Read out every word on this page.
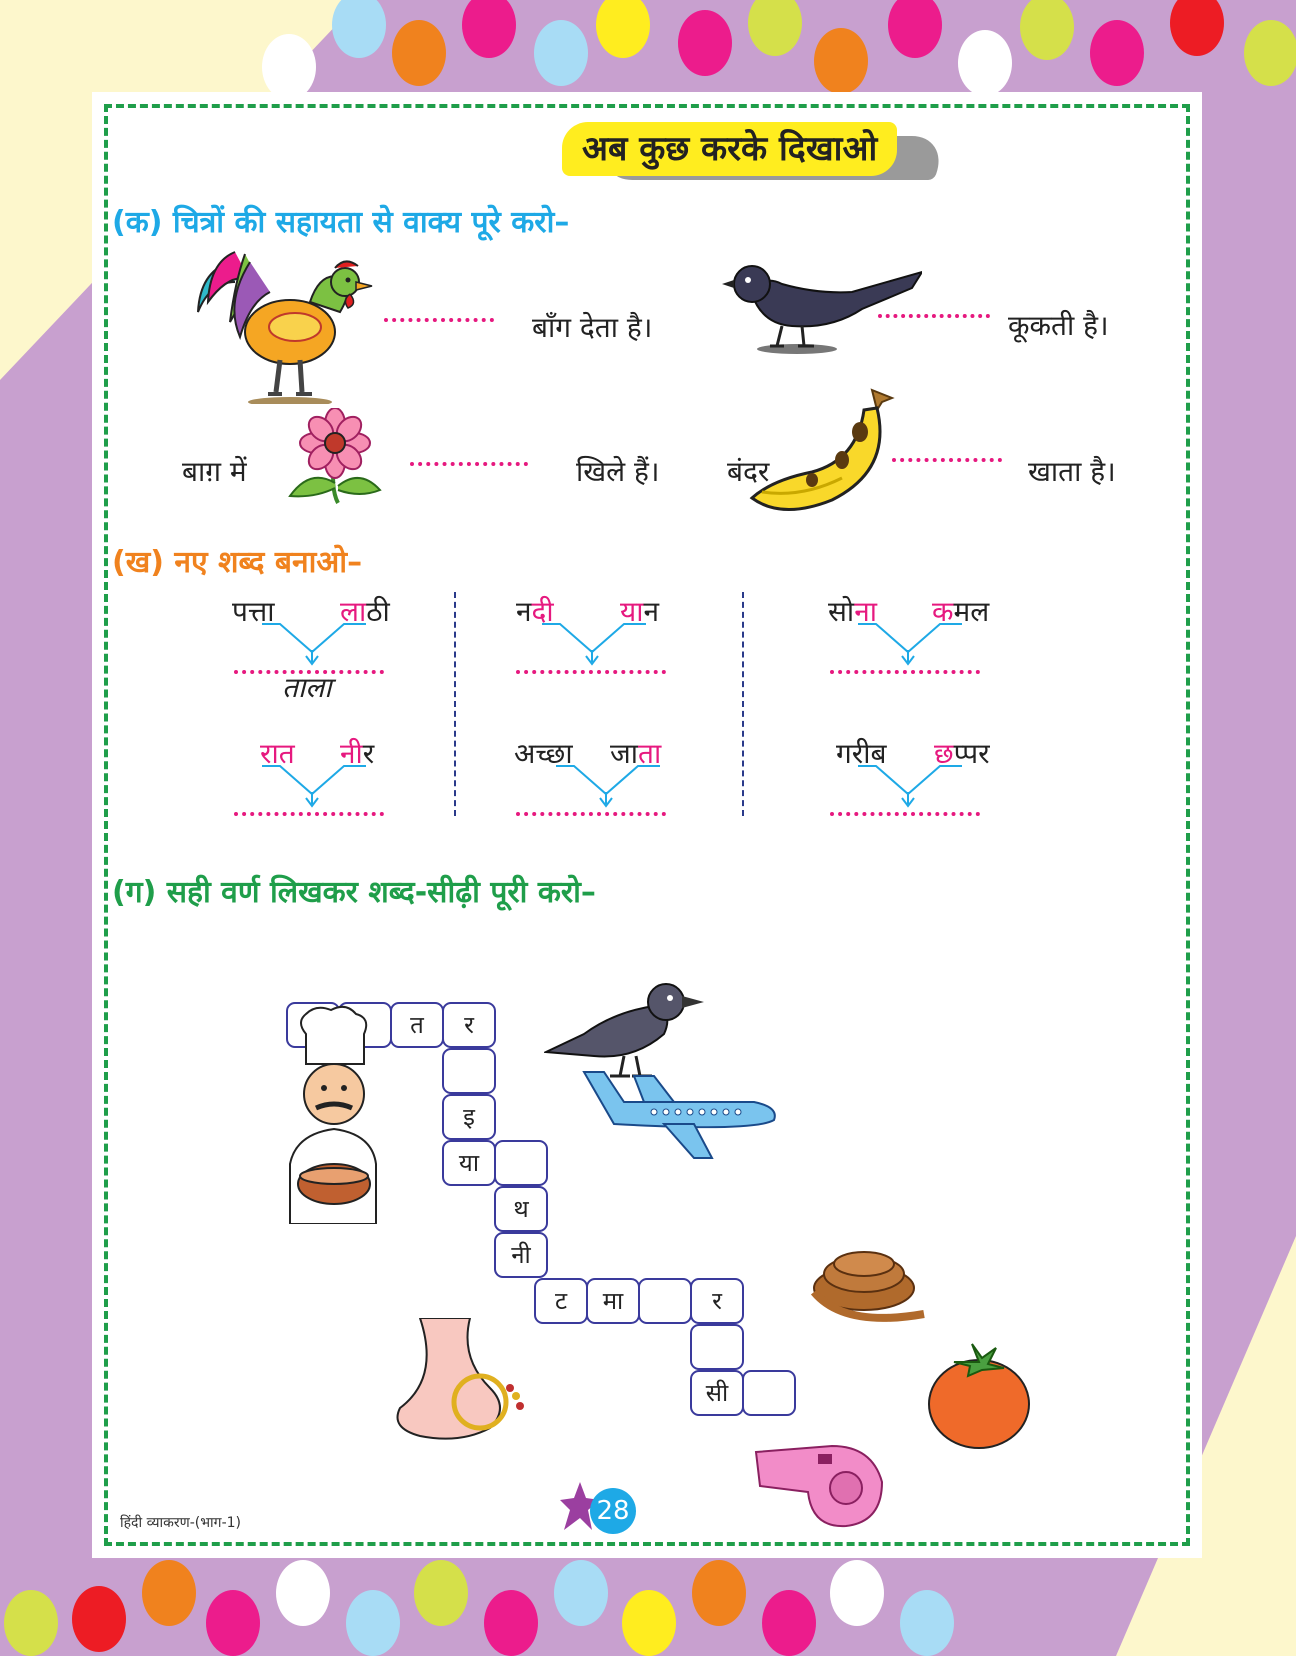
अब कुछ करके दिखाओ
(क) चित्रों की सहायता से वाक्य पूरे करो–
बाँग देता है।	कूकती है।
बाग़ में	खिले हैं। बंदर	खाता है।
(ख) नए शब्द बनाओ–
पत् लाठी
ताला
नदी यान	सोना कमल
रात नीर	अच् जाता	गरीब छप्पर
(ग) सही वर्ण लिखकर शब्द-सीढ़ी पूरी करो–
त	र
इ
या
थ
नी
ट	मा	र
सी
हिंदी व्याकरण-(भाग-1)	28
